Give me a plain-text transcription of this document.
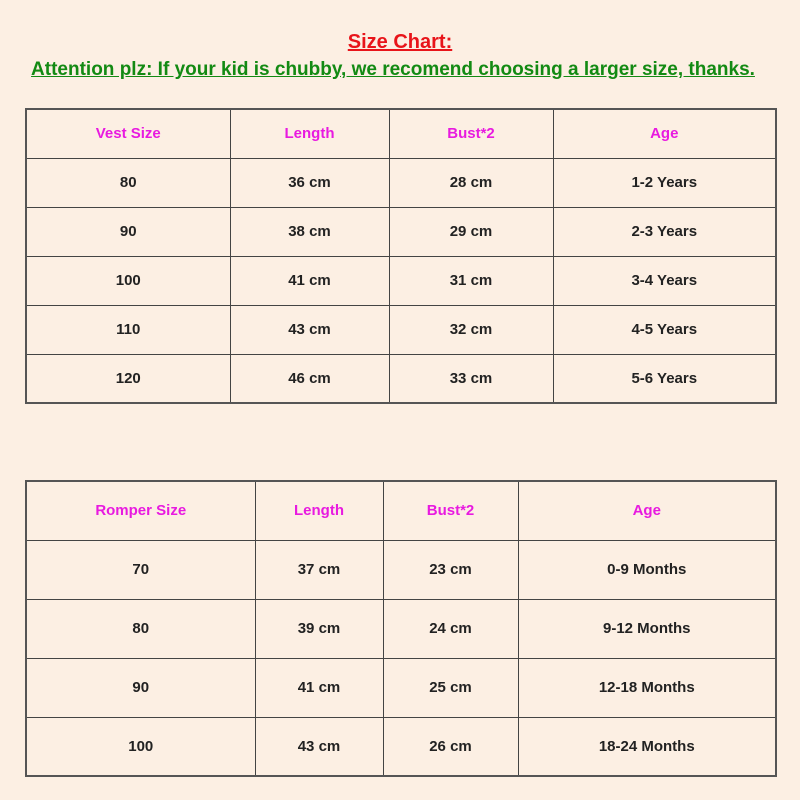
Size Chart:
Attention plz: If your kid is chubby, we recomend choosing a larger size, thanks.
Vest Size	Length	Bust*2	Age
80	36 cm	28 cm	1-2 Years
90	38 cm	29 cm	2-3 Years
100	41 cm	31 cm	3-4 Years
110	43 cm	32 cm	4-5 Years
120	46 cm	33 cm	5-6 Years
Romper Size	Length	Bust*2	Age
70	37 cm	23 cm	0-9 Months
80	39 cm	24 cm	9-12 Months
90	41 cm	25 cm	12-18 Months
100	43 cm	26 cm	18-24 Months
